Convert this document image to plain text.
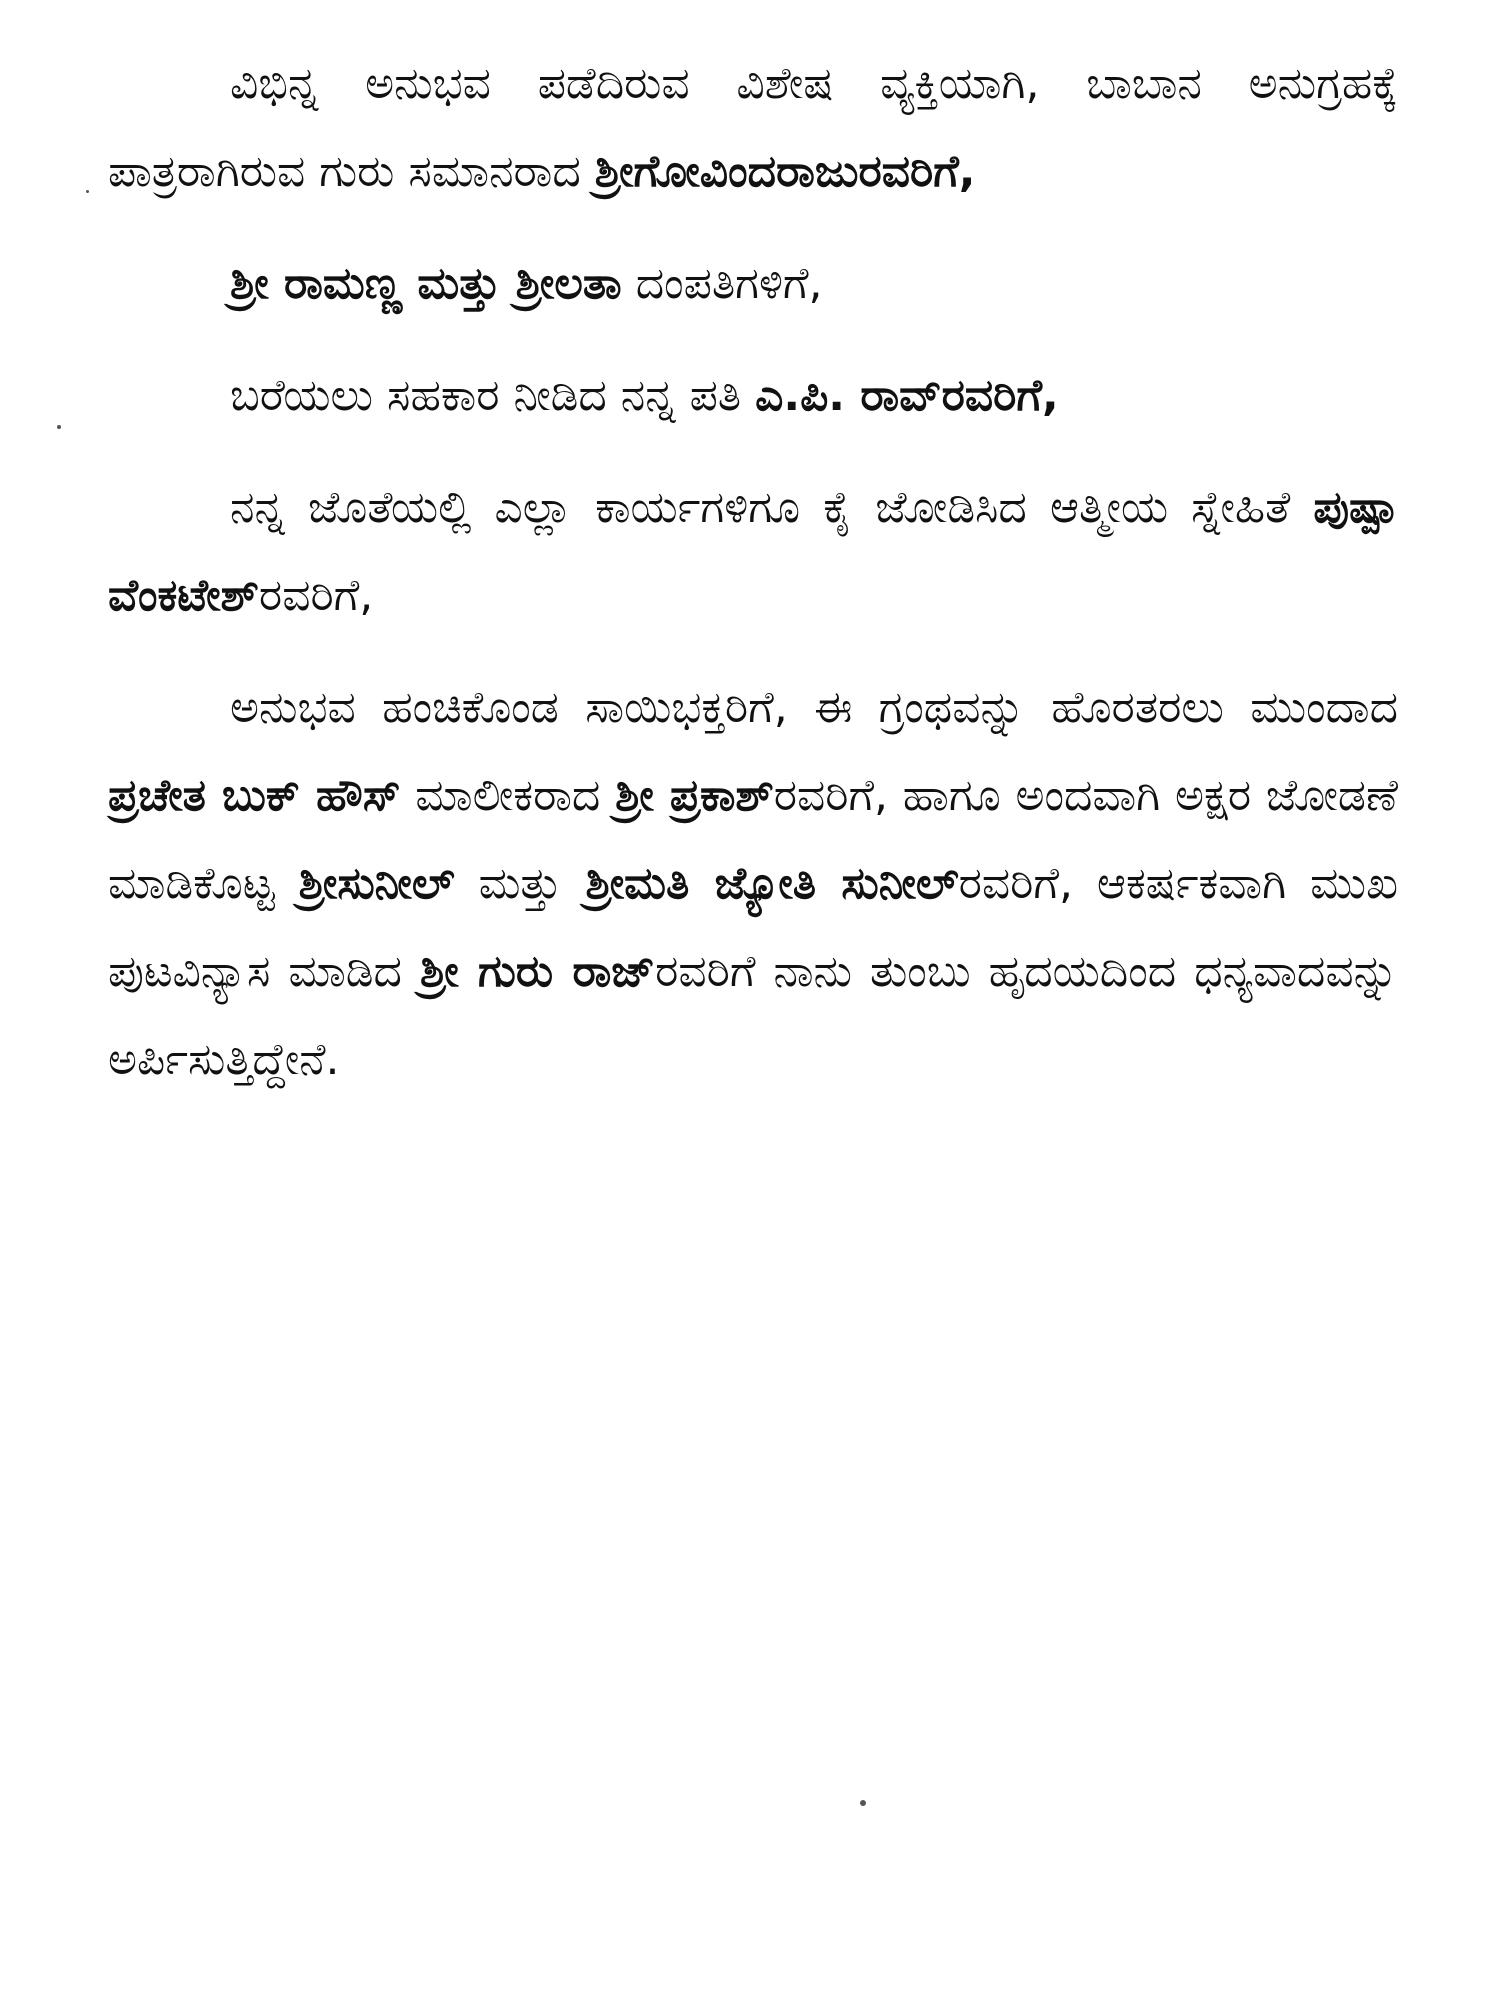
ವಿಭಿನ್ನ ಅನುಭವ ಪಡೆದಿರುವ ವಿಶೇಷ ವ್ಯಕ್ತಿಯಾಗಿ, ಬಾಬಾನ ಅನುಗ್ರಹಕ್ಕೆ ಪಾತ್ರರಾಗಿರುವ ಗುರು ಸಮಾನರಾದ ಶ್ರೀಗೋವಿಂದರಾಜುರವರಿಗೆ,

ಶ್ರೀ ರಾಮಣ್ಣ ಮತ್ತು ಶ್ರೀಲತಾ ದಂಪತಿಗಳಿಗೆ,

ಬರೆಯಲು ಸಹಕಾರ ನೀಡಿದ ನನ್ನ ಪತಿ ಎ.ಪಿ. ರಾವ್‌ರವರಿಗೆ,

ನನ್ನ ಜೊತೆಯಲ್ಲಿ ಎಲ್ಲಾ ಕಾರ್ಯಗಳಿಗೂ ಕೈ ಜೋಡಿಸಿದ ಆತ್ಮೀಯ ಸ್ನೇಹಿತೆ ಪುಷ್ಪಾ ವೆಂಕಟೇಶ್ರವರಿಗೆ,

ಅನುಭವ ಹಂಚಿಕೊಂಡ ಸಾಯಿಭಕ್ತರಿಗೆ, ಈ ಗ್ರಂಥವನ್ನು ಹೊರತರಲು ಮುಂದಾದ ಪ್ರಚೇತ ಬುಕ್ ಹೌಸ್ ಮಾಲೀಕರಾದ ಶ್ರೀ ಪ್ರಕಾಶ್ರವರಿಗೆ, ಹಾಗೂ ಅಂದವಾಗಿ ಅಕ್ಷರ ಜೋಡಣೆ ಮಾಡಿಕೊಟ್ಟ ಶ್ರೀಸುನೀಲ್ ಮತ್ತು ಶ್ರೀಮತಿ ಜ್ಯೋತಿ ಸುನೀಲ್ರವರಿಗೆ, ಆಕರ್ಷಕವಾಗಿ ಮುಖ ಪುಟವಿನ್ಯಾಸ ಮಾಡಿದ ಶ್ರೀ ಗುರು ರಾಜ್ರವರಿಗೆ ನಾನು ತುಂಬು ಹೃದಯದಿಂದ ಧನ್ಯವಾದವನ್ನು ಅರ್ಪಿಸುತ್ತಿದ್ದೇನೆ.
